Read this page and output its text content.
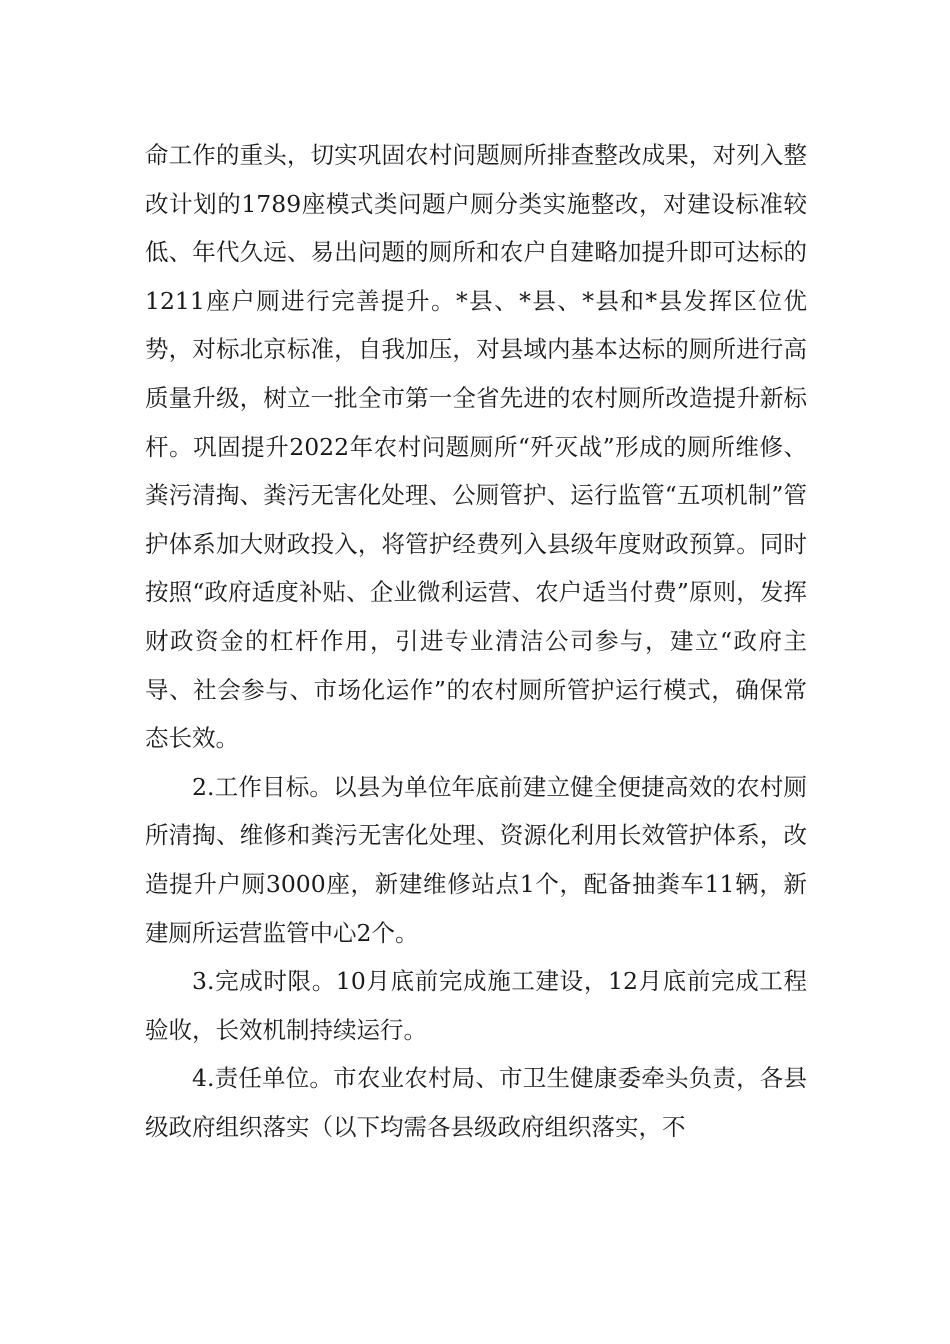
命工作的重头，切实巩固农村问题厕所排查整改成果，对列入整改计划的1789座模式类问题户厕分类实施整改，对建设标准较低、年代久远、易出问题的厕所和农户自建略加提升即可达标的1211座户厕进行完善提升。*县、*县、*县和*县发挥区位优势，对标北京标准，自我加压，对县域内基本达标的厕所进行高质量升级，树立一批全市第一全省先进的农村厕所改造提升新标杆。巩固提升2022年农村问题厕所“歼灭战”形成的厕所维修、粪污清掏、粪污无害化处理、公厕管护、运行监管“五项机制”管护体系加大财政投入，将管护经费列入县级年度财政预算。同时按照“政府适度补贴、企业微利运营、农户适当付费”原则，发挥财政资金的杠杆作用，引进专业清洁公司参与，建立“政府主导、社会参与、市场化运作”的农村厕所管护运行模式，确保常态长效。

2.工作目标。以县为单位年底前建立健全便捷高效的农村厕所清掏、维修和粪污无害化处理、资源化利用长效管护体系，改造提升户厕3000座，新建维修站点1个，配备抽粪车11辆，新建厕所运营监管中心2个。

3.完成时限。10月底前完成施工建设，12月底前完成工程验收，长效机制持续运行。

4.责任单位。市农业农村局、市卫生健康委牵头负责，各县级政府组织落实（以下均需各县级政府组织落实，不
